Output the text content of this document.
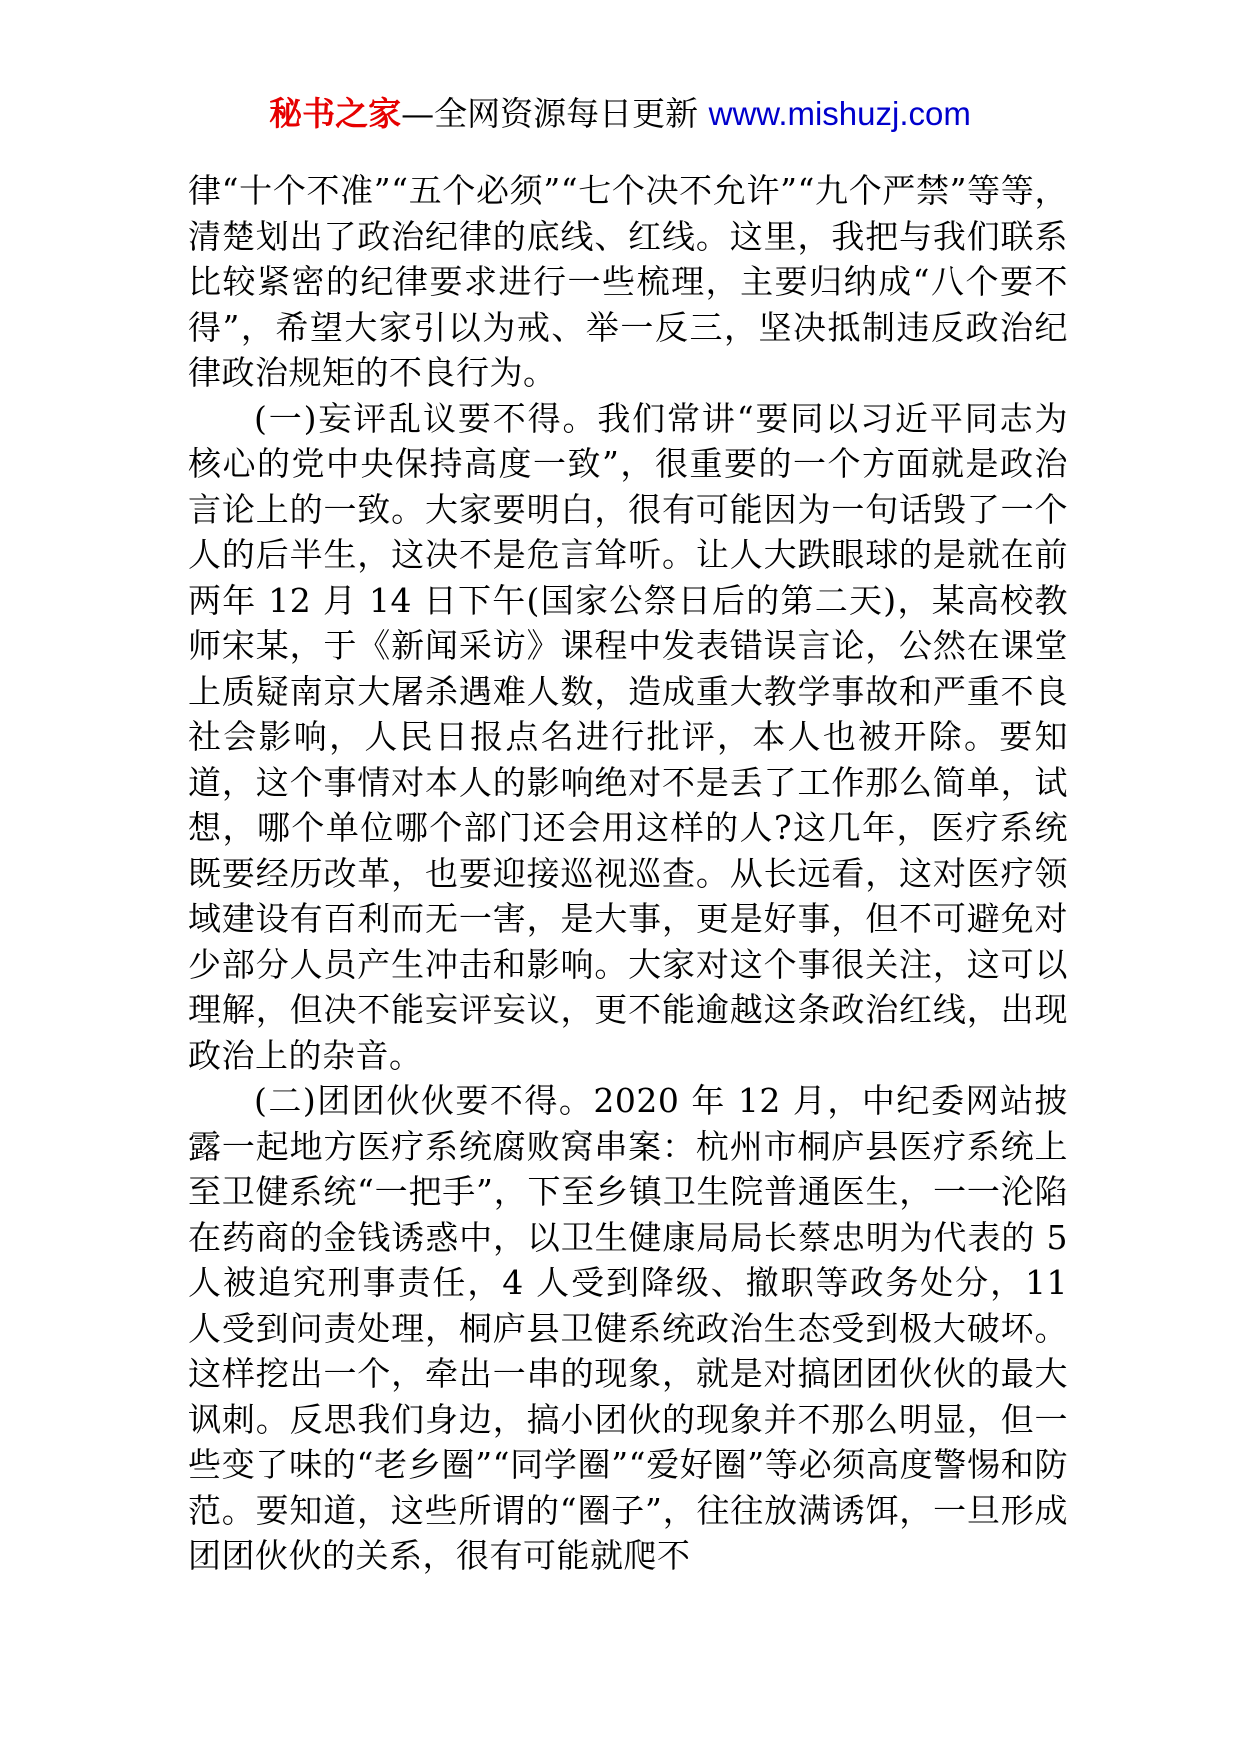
秘书之家—全网资源每日更新 www.mishuzj.com

律“十个不准”“五个必须”“七个决不允许”“九个严禁”等等，清楚划出了政治纪律的底线、红线。这里，我把与我们联系比较紧密的纪律要求进行一些梳理，主要归纳成“八个要不得”，希望大家引以为戒、举一反三，坚决抵制违反政治纪律政治规矩的不良行为。

(一)妄评乱议要不得。我们常讲“要同以习近平同志为核心的党中央保持高度一致”，很重要的一个方面就是政治言论上的一致。大家要明白，很有可能因为一句话毁了一个人的后半生，这决不是危言耸听。让人大跌眼球的是就在前两年 12 月 14 日下午(国家公祭日后的第二天)，某高校教师宋某，于《新闻采访》课程中发表错误言论，公然在课堂上质疑南京大屠杀遇难人数，造成重大教学事故和严重不良社会影响，人民日报点名进行批评，本人也被开除。要知道，这个事情对本人的影响绝对不是丢了工作那么简单，试想，哪个单位哪个部门还会用这样的人?这几年，医疗系统既要经历改革，也要迎接巡视巡查。从长远看，这对医疗领域建设有百利而无一害，是大事，更是好事，但不可避免对少部分人员产生冲击和影响。大家对这个事很关注，这可以理解，但决不能妄评妄议，更不能逾越这条政治红线，出现政治上的杂音。

(二)团团伙伙要不得。2020 年 12 月，中纪委网站披露一起地方医疗系统腐败窝串案：杭州市桐庐县医疗系统上至卫健系统“一把手”，下至乡镇卫生院普通医生，一一沦陷在药商的金钱诱惑中，以卫生健康局局长蔡忠明为代表的 5 人被追究刑事责任，4 人受到降级、撤职等政务处分，11 人受到问责处理，桐庐县卫健系统政治生态受到极大破坏。这样挖出一个，牵出一串的现象，就是对搞团团伙伙的最大讽刺。反思我们身边，搞小团伙的现象并不那么明显，但一些变了味的“老乡圈”“同学圈”“爱好圈”等必须高度警惕和防范。要知道，这些所谓的“圈子”，往往放满诱饵，一旦形成团团伙伙的关系，很有可能就爬不
